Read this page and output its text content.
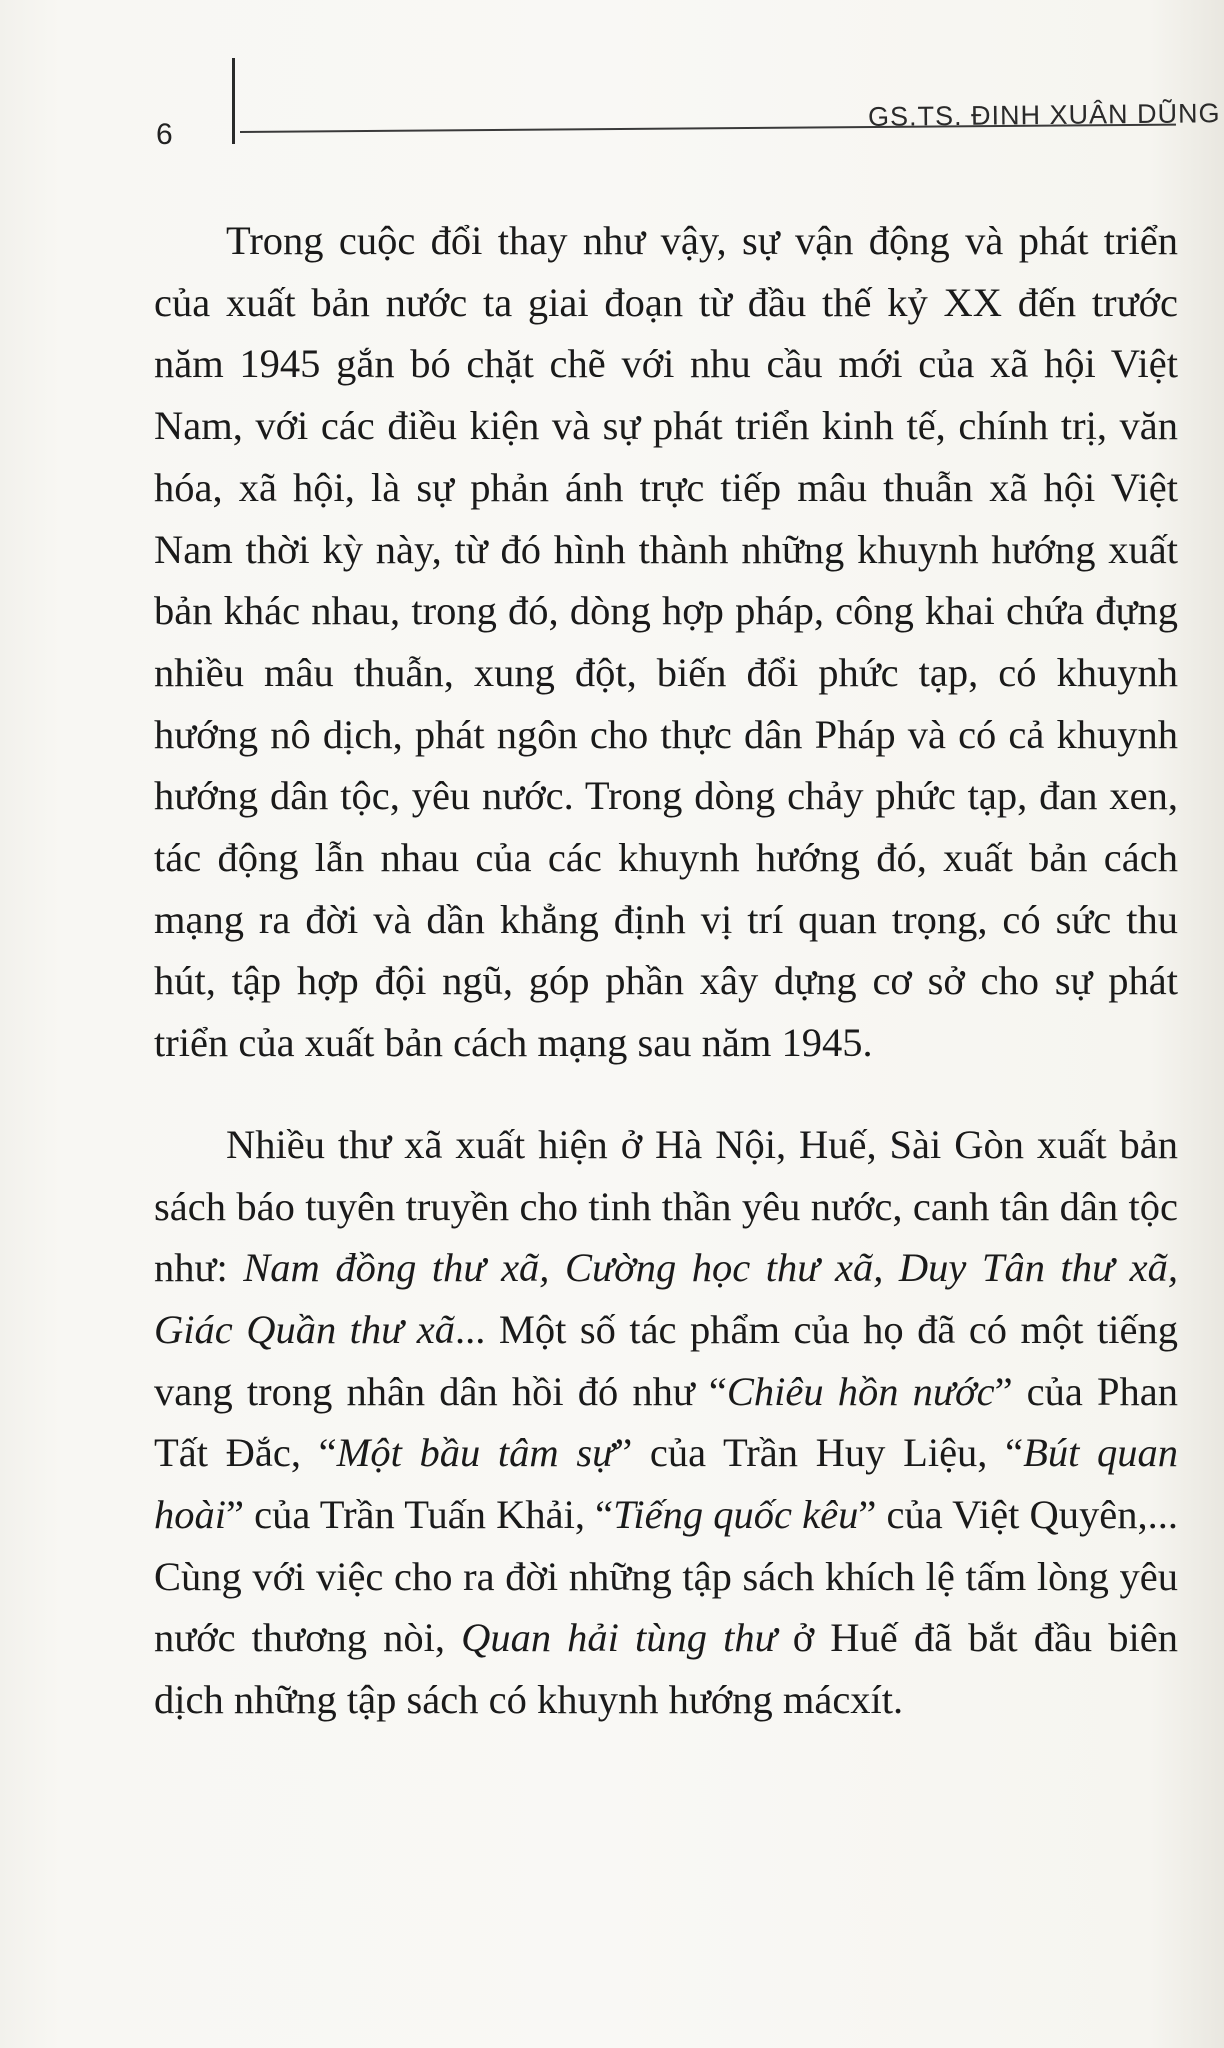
6
GS.TS. ĐINH XUÂN DŨNG

Trong cuộc đổi thay như vậy, sự vận động và phát triển của xuất bản nước ta giai đoạn từ đầu thế kỷ XX đến trước năm 1945 gắn bó chặt chẽ với nhu cầu mới của xã hội Việt Nam, với các điều kiện và sự phát triển kinh tế, chính trị, văn hóa, xã hội, là sự phản ánh trực tiếp mâu thuẫn xã hội Việt Nam thời kỳ này, từ đó hình thành những khuynh hướng xuất bản khác nhau, trong đó, dòng hợp pháp, công khai chứa đựng nhiều mâu thuẫn, xung đột, biến đổi phức tạp, có khuynh hướng nô dịch, phát ngôn cho thực dân Pháp và có cả khuynh hướng dân tộc, yêu nước. Trong dòng chảy phức tạp, đan xen, tác động lẫn nhau của các khuynh hướng đó, xuất bản cách mạng ra đời và dần khẳng định vị trí quan trọng, có sức thu hút, tập hợp đội ngũ, góp phần xây dựng cơ sở cho sự phát triển của xuất bản cách mạng sau năm 1945.

Nhiều thư xã xuất hiện ở Hà Nội, Huế, Sài Gòn xuất bản sách báo tuyên truyền cho tinh thần yêu nước, canh tân dân tộc như: Nam đồng thư xã, Cường học thư xã, Duy Tân thư xã, Giác Quần thư xã... Một số tác phẩm của họ đã có một tiếng vang trong nhân dân hồi đó như “Chiêu hồn nước” của Phan Tất Đắc, “Một bầu tâm sự” của Trần Huy Liệu, “Bút quan hoài” của Trần Tuấn Khải, “Tiếng quốc kêu” của Việt Quyên,... Cùng với việc cho ra đời những tập sách khích lệ tấm lòng yêu nước thương nòi, Quan hải tùng thư ở Huế đã bắt đầu biên dịch những tập sách có khuynh hướng mácxít.
